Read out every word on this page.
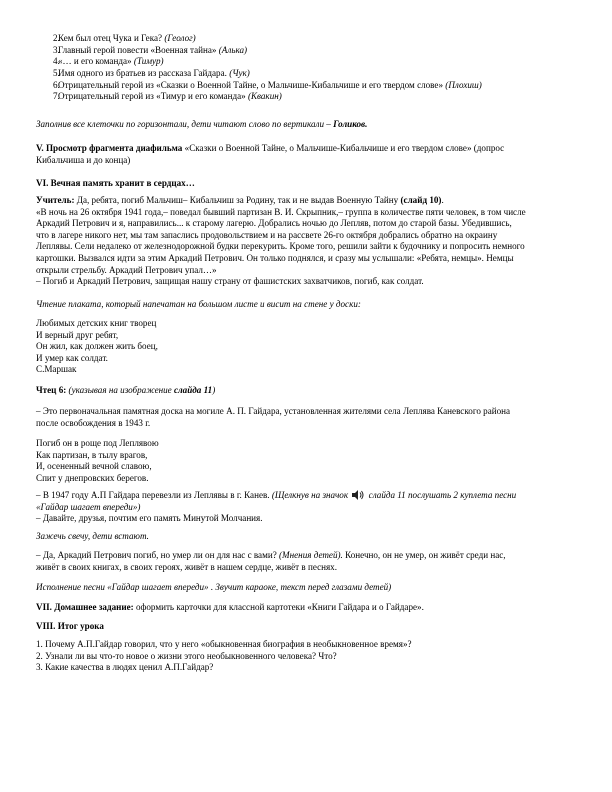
2.
Кем был отец Чука и Гека? (Геолог)
3.
Главный герой повести «Военная тайна» (Алька)
4.
«… и его команда» (Тимур)
5.
Имя одного из братьев из рассказа Гайдара. (Чук)
6.
Отрицательный герой из «Сказки о Военной Тайне, о Мальчише-Кибальчише и его твердом слове» (Плохиш)
7.
Отрицательный герой из «Тимур и его команда» (Квакин)
Заполнив все клеточки по горизонтали, дети читают слово по вертикали – Голиков.
V. Просмотр фрагмента диафильма «Сказки о Военной Тайне, о Мальчише-Кибальчише и его твердом слове» (допрос
Кибальчиша и до конца)
VI. Вечная память хранит в сердцах…
Учитель: Да, ребята, погиб Мальчиш– Кибальчиш за Родину, так и не выдав Военную Тайну (слайд 10).
«В ночь на 26 октября 1941 года,– поведал бывший партизан В. И. Скрыпник,– группа в количестве пяти человек, в том числе
Аркадий Петрович и я, направились... к старому лагерю. Добрались ночью до Лепляв, потом до старой базы. Убедившись,
что в лагере никого нет, мы там запаслись продовольствием и на рассвете 26-го октября добрались обратно на окраину
Леплявы. Сели недалеко от железнодорожной будки перекурить. Кроме того, решили зайти к будочнику и попросить немного
картошки. Вызвался идти за этим Аркадий Петрович. Он только поднялся, и сразу мы услышали: «Ребята, немцы». Немцы
открыли стрельбу. Аркадий Петрович упал…»
– Погиб и Аркадий Петрович, защищая нашу страну от фашистских захватчиков, погиб, как солдат.
Чтение плаката, который напечатан на большом листе и висит на стене у доски:
Любимых детских книг творец
И верный друг ребят,
Он жил, как должен жить боец,
И умер как солдат.
С.Маршак
Чтец 6: (указывая на изображение слайда 11)
– Это первоначальная памятная доска на могиле А. П. Гайдара, установленная жителями села Леплява Каневского района
после освобождения в 1943 г.
Погиб он в роще под Леплявою
Как партизан, в тылу врагов,
И, осененный вечной славою,
Спит у днепровских берегов.
– В 1947 году А.П Гайдара перевезли из Леплявы в г. Канев. (Щелкнув на значок слайда 11 послушать 2 куплета песни
«Гайдар шагает впереди»)
– Давайте, друзья, почтим его память Минутой Молчания.
Зажечь свечу, дети встают.
– Да, Аркадий Петрович погиб, но умер ли он для нас с вами? (Мнения детей). Конечно, он не умер, он живёт среди нас,
живёт в своих книгах, в своих героях, живёт в нашем сердце, живёт в песнях.
Исполнение песни «Гайдар шагает впереди» . Звучит караоке, текст перед глазами детей)
VII. Домашнее задание: оформить карточки для классной картотеки «Книги Гайдара и о Гайдаре».
VIII. Итог урока
1. Почему А.П.Гайдар говорил, что у него «обыкновенная биография в необыкновенное время»?
2. Узнали ли вы что-то новое о жизни этого необыкновенного человека? Что?
3. Какие качества в людях ценил А.П.Гайдар?
